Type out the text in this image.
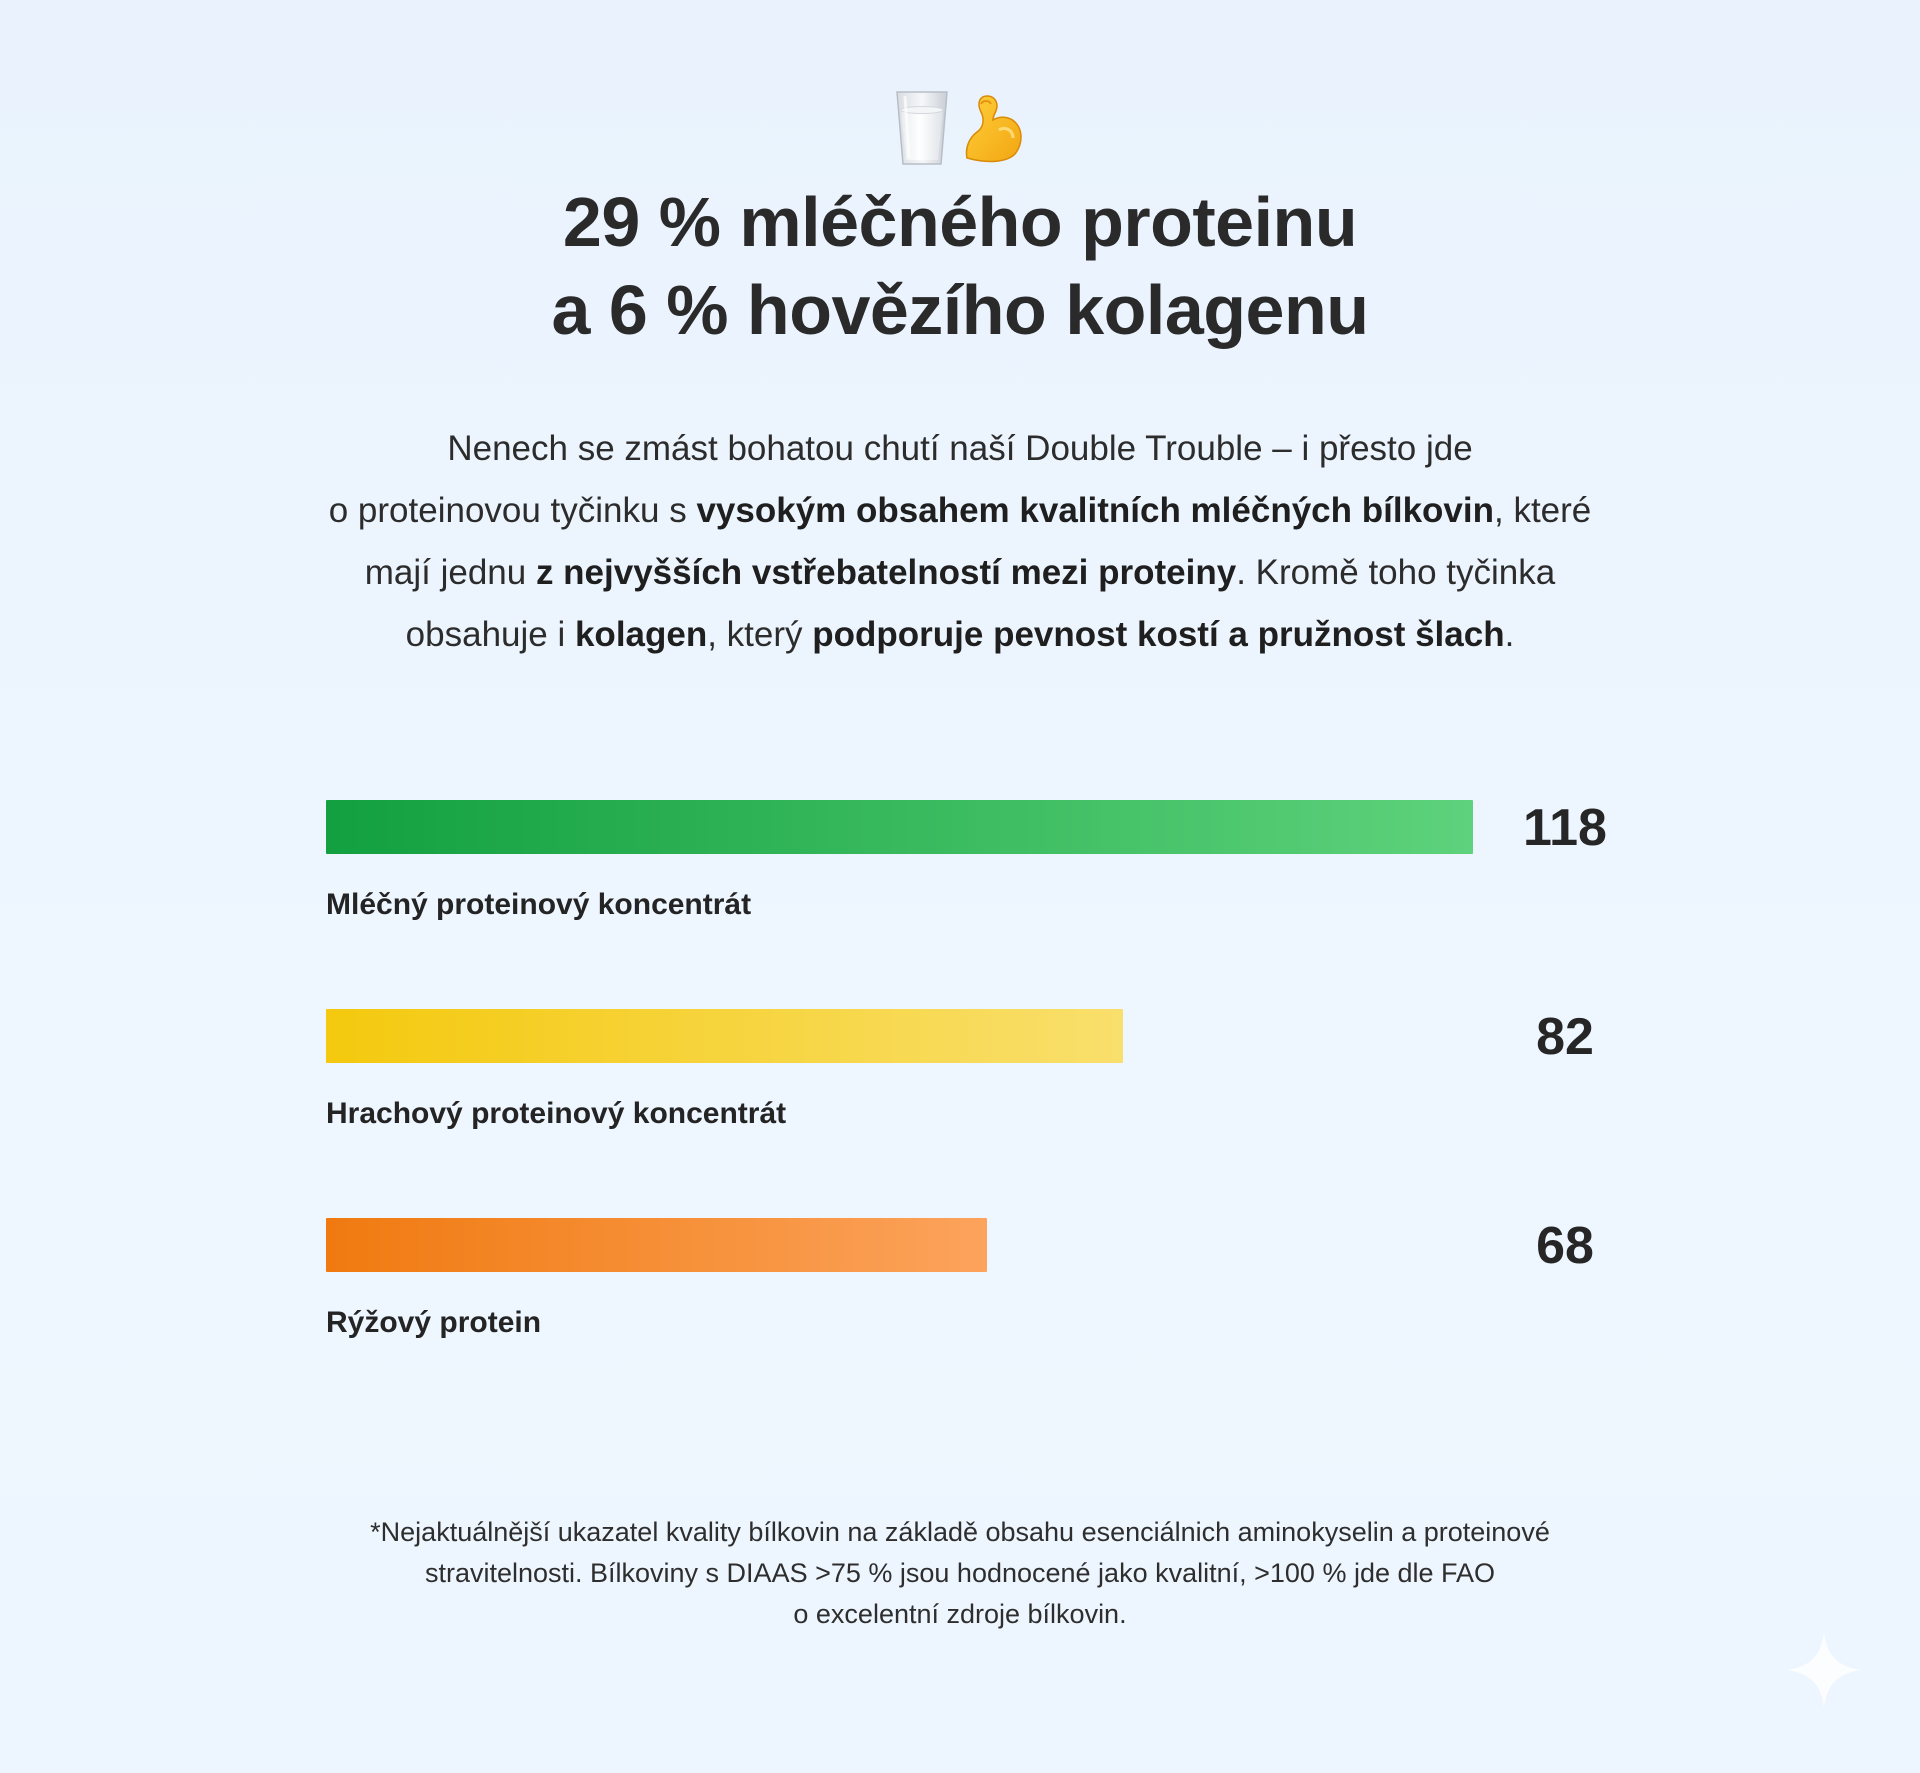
29 % mléčného proteinu
a 6 % hovězího kolagenu

Nenech se zmást bohatou chutí naší Double Trouble – i přesto jde
o proteinovou tyčinku s vysokým obsahem kvalitních mléčných bílkovin, které
mají jednu z nejvyšších vstřebatelností mezi proteiny. Kromě toho tyčinka
obsahuje i kolagen, který podporuje pevnost kostí a pružnost šlach.

118
Mléčný proteinový koncentrát
82
Hrachový proteinový koncentrát
68
Rýžový protein

*Nejaktuálnější ukazatel kvality bílkovin na základě obsahu esenciálnich aminokyselin a proteinové
stravitelnosti. Bílkoviny s DIAAS >75 % jsou hodnocené jako kvalitní, >100 % jde dle FAO
o excelentní zdroje bílkovin.
